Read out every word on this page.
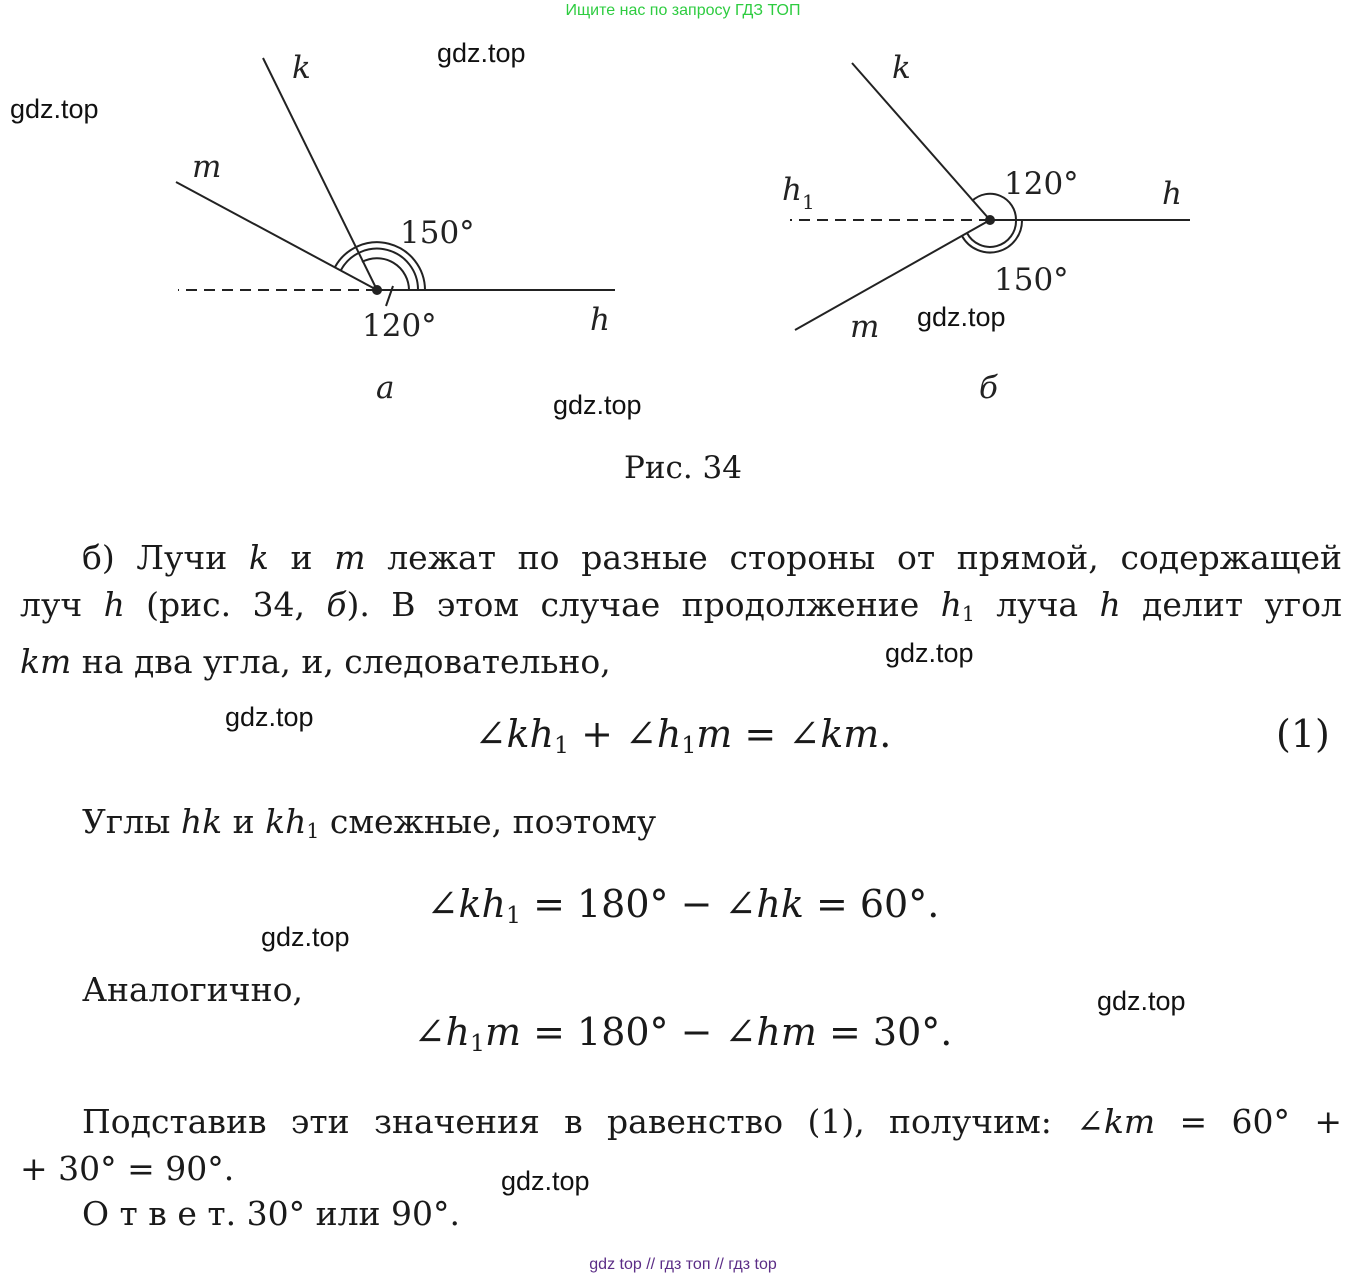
Ищите нас по запросу ГДЗ ТОП
k
m
h
150°
120°
а
k
$h_1$	h
m
120°
150°
б
Рис. 34
б) Лучи k и m лежат по разные стороны от прямой, содержащей
луч h (рис. 34, б). В этом случае продолжение $h_1$ луча h делит угол
km на два угла, и, следовательно,
$\angle kh_1$ + $\angle h_1m$ = ∠km.	(1)
Углы hk и $kh_1$ смежные, поэтому
$\angle kh_1 = 180^\circ$ − ∠hk = 60°.
Аналогично,
$\angle h_1m = 180^\circ$ − ∠hm = 30°.
Подставив эти значения в равенство (1), получим: ∠km = 60° +
+ 30° = 90°.
О т в е т. 30° или 90°.
gdz.top
gdz.top
gdz.top
gdz.top
gdz.top
gdz.top
gdz.top
gdz.top
gdz.top
gdz top // гдз топ // гдз top
